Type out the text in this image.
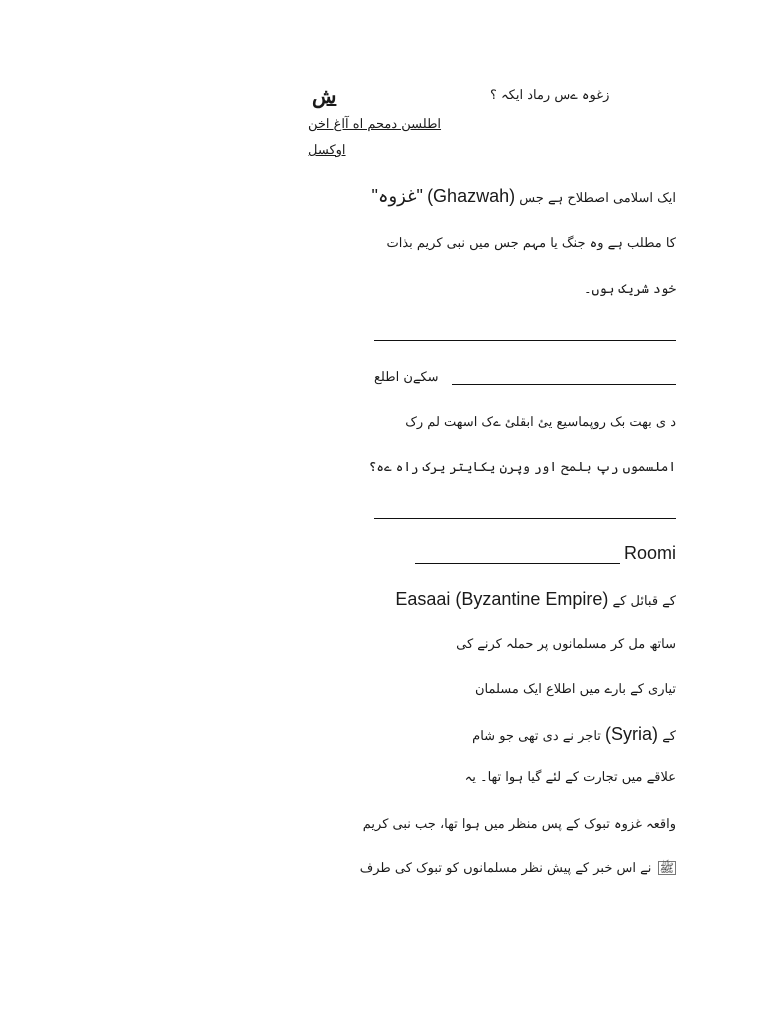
ش	زغوہ ےس رماد ایکہ ؟
اطلسن دمحم اه آاغ اخن
اوکسل
ایک اسلامی اصطلاح ہے جس (Ghazwah) "غزوہ"
کا مطلب ہے وہ جنگ یا مہم جس میں نبی کریم بذات
خود شریک ہوں۔
سکےن اطلع
د ی بھت بک روپماسیع یئ ابقلئ ےک اسھت لم رک
املسموں رپ بلمح اور وپرن یکایتر یرک راہ ےہ؟
Roomi
کے قبائل کے Easaai (Byzantine Empire)
ساتھ مل کر مسلمانوں پر حملہ کرنے کی
تیاری کے بارے میں اطلاع ایک مسلمان
کے (Syria) تاجر نے دی تھی جو شام
علاقے میں تجارت کے لئے گیا ہوا تھا۔ یہ
واقعہ غزوہ تبوک کے پس منظر میں ہوا تھا، جب نبی کریم
ﷺ نے اس خبر کے پیش نظر مسلمانوں کو تبوک کی طرف
